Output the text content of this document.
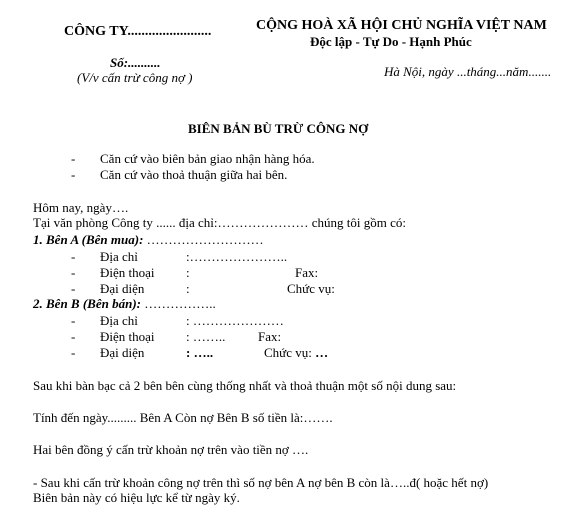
CÔNG TY........................
Số:..........
(V/v cấn trừ công nợ )
CỘNG HOÀ XÃ HỘI CHỦ NGHĨA VIỆT NAM
Độc lập - Tự Do - Hạnh Phúc
Hà Nội, ngày ...tháng...năm.......
BIÊN BẢN BÙ TRỪ CÔNG NỢ
- Căn cứ vào biên bản giao nhận hàng hóa.
- Căn cứ vào thoả thuận giữa hai bên.
Hôm nay, ngày….
Tại văn phòng Công ty ...... địa chỉ:………………… chúng tôi gồm có:
1. Bên A (Bên mua): ………………………
- Địa chỉ	:…………………..
- Điện thoại :	Fax:
- Đại diện	:	Chức vụ:
2. Bên B (Bên bán): ……………..
- Địa chỉ	: …………………
- Điện thoại : ……..	Fax:
- Đại diện	: …..	Chức vụ: …
Sau khi bàn bạc cả 2 bên bên cùng thống nhất và thoả thuận một số nội dung sau:
Tính đến ngày......... Bên A Còn nợ Bên B số tiền là:…….
Hai bên đồng ý cấn trừ khoản nợ trên vào tiền nợ ….
- Sau khi cấn trừ khoản công nợ trên thì số nợ bên A nợ bên B còn là…..đ( hoặc hết nợ)
Biên bản này có hiệu lực kể từ ngày ký.
